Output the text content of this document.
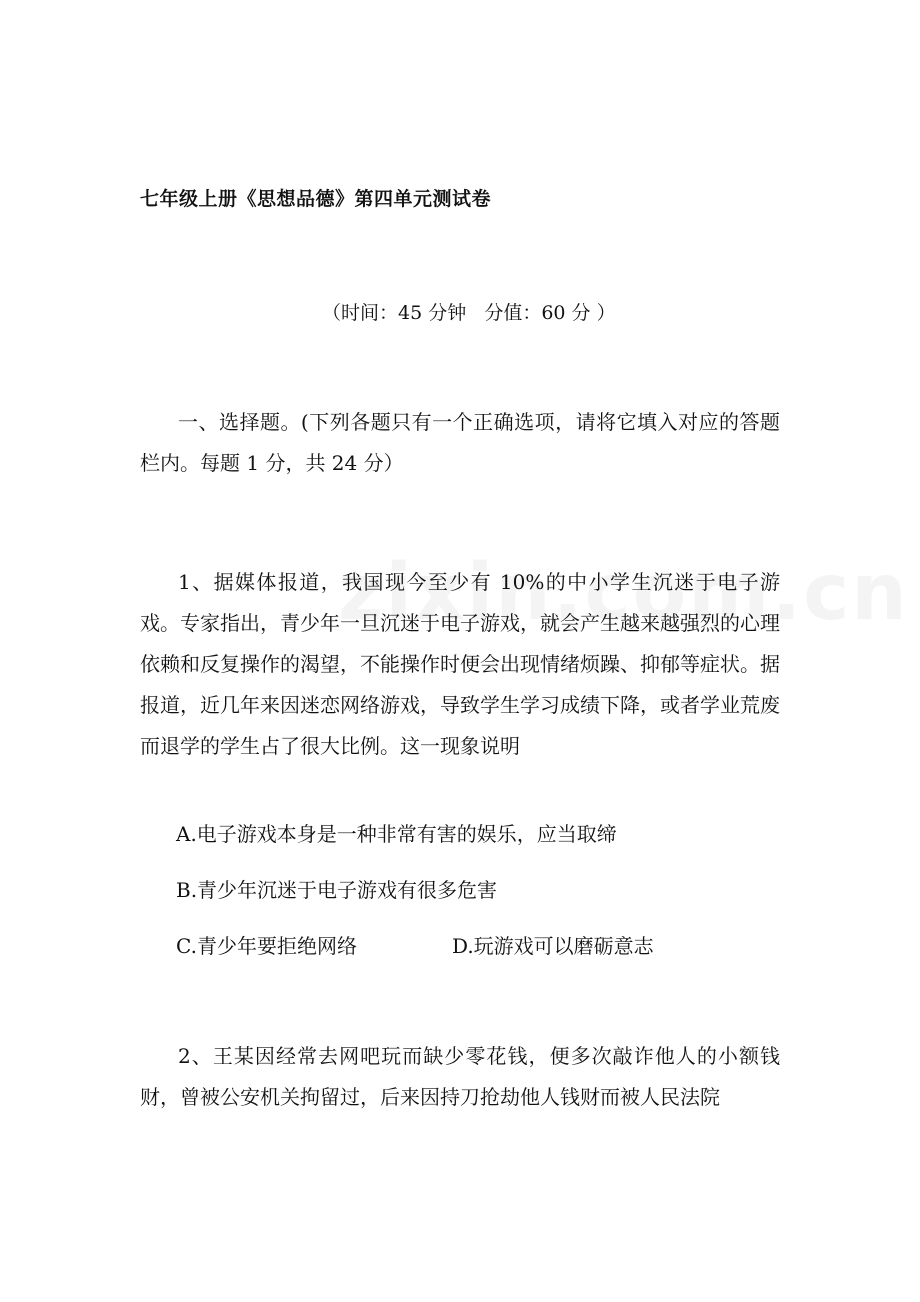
七年级上册《思想品德》第四单元测试卷
（时间：45 分钟   分值：60 分 ）
一、选择题。(下列各题只有一个正确选项，请将它填入对应的答题栏内。每题 1 分，共 24 分）
1、据媒体报道，我国现今至少有 10%的中小学生沉迷于电子游戏。专家指出，青少年一旦沉迷于电子游戏，就会产生越来越强烈的心理依赖和反复操作的渴望，不能操作时便会出现情绪烦躁、抑郁等症状。据报道，近几年来因迷恋网络游戏，导致学生学习成绩下降，或者学业荒废而退学的学生占了很大比例。这一现象说明
A.电子游戏本身是一种非常有害的娱乐，应当取缔
B.青少年沉迷于电子游戏有很多危害
C.青少年要拒绝网络	D.玩游戏可以磨砺意志
2、王某因经常去网吧玩而缺少零花钱，便多次敲诈他人的小额钱财，曾被公安机关拘留过，后来因持刀抢劫他人钱财而被人民法院
